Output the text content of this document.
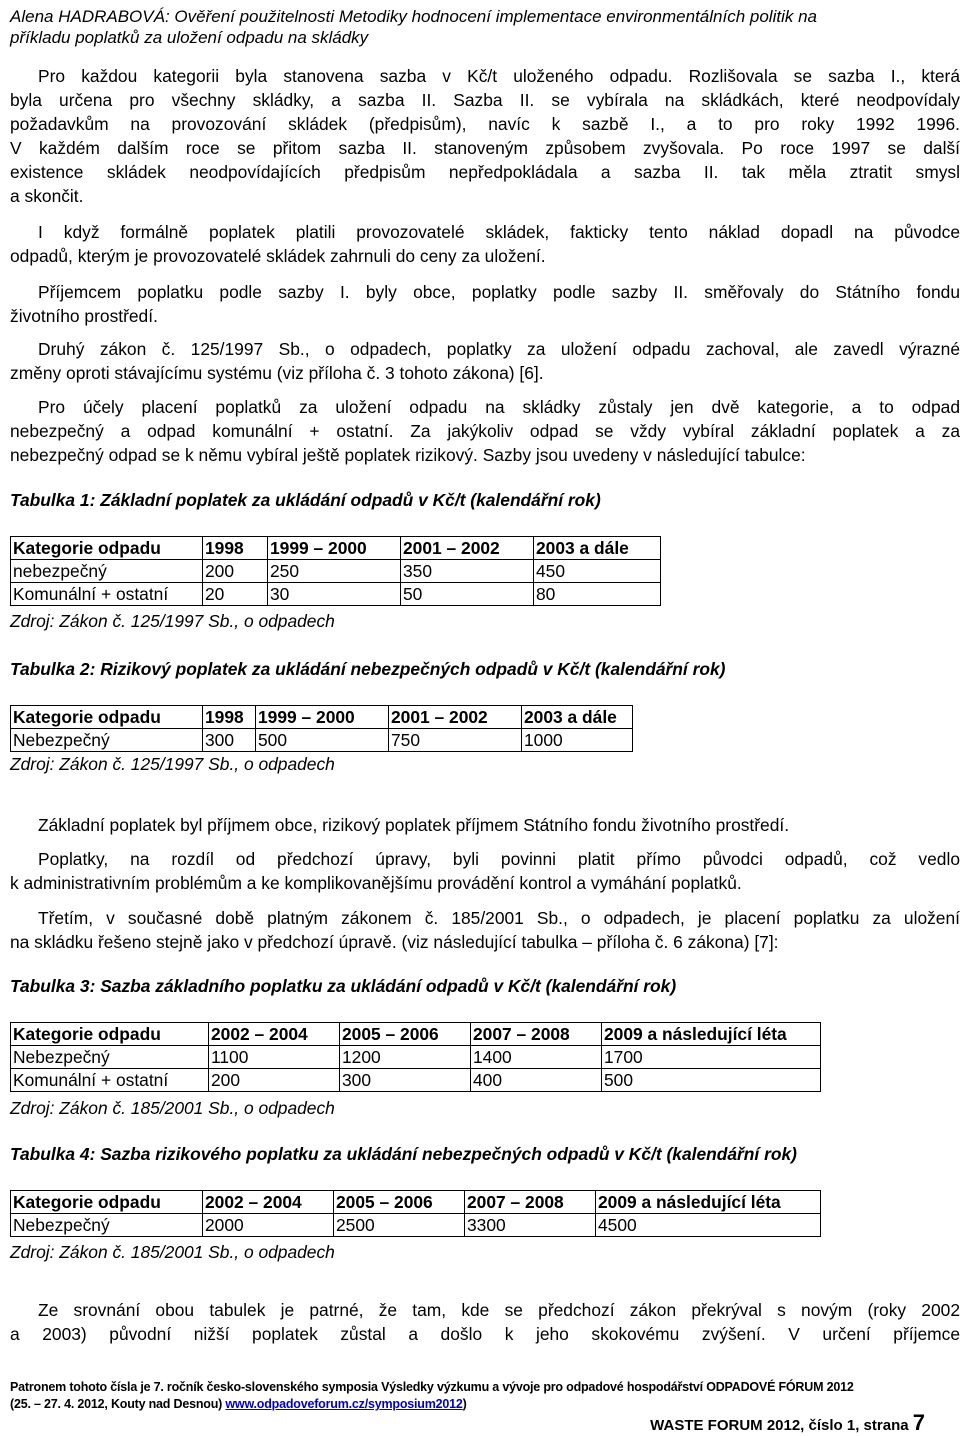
Alena HADRABOVÁ: Ověření použitelnosti Metodiky hodnocení implementace environmentálních politik na
příkladu poplatků za uložení odpadu na skládky
Pro každou kategorii byla stanovena sazba v Kč/t uloženého odpadu. Rozlišovala se sazba I., která
byla určena pro všechny skládky, a sazba II. Sazba II. se vybírala na skládkách, které neodpovídaly
požadavkům na provozování skládek (předpisům), navíc k sazbě I., a to pro roky 1992 1996.
V každém dalším roce se přitom sazba II. stanoveným způsobem zvyšovala. Po roce 1997 se další
existence skládek neodpovídajících předpisům nepředpokládala a sazba II. tak měla ztratit smysl
a skončit.
I když formálně poplatek platili provozovatelé skládek, fakticky tento náklad dopadl na původce
odpadů, kterým je provozovatelé skládek zahrnuli do ceny za uložení.
Příjemcem poplatku podle sazby I. byly obce, poplatky podle sazby II. směřovaly do Státního fondu
životního prostředí.
Druhý zákon č. 125/1997 Sb., o odpadech, poplatky za uložení odpadu zachoval, ale zavedl výrazné
změny oproti stávajícímu systému (viz příloha č. 3 tohoto zákona) [6].
Pro účely placení poplatků za uložení odpadu na skládky zůstaly jen dvě kategorie, a to odpad
nebezpečný a odpad komunální + ostatní. Za jakýkoliv odpad se vždy vybíral základní poplatek a za
nebezpečný odpad se k němu vybíral ještě poplatek rizikový. Sazby jsou uvedeny v následující tabulce:
Tabulka 1: Základní poplatek za ukládání odpadů v Kč/t (kalendářní rok)
Kategorie odpadu	1998	1999 – 2000	2001 – 2002	2003 a dále
nebezpečný	200	250	350	450
Komunální + ostatní	20	30	50	80
Zdroj: Zákon č. 125/1997 Sb., o odpadech
Tabulka 2: Rizikový poplatek za ukládání nebezpečných odpadů v Kč/t (kalendářní rok)
Kategorie odpadu	1998	1999 – 2000	2001 – 2002	2003 a dále
Nebezpečný	300	500	750	1000
Zdroj: Zákon č. 125/1997 Sb., o odpadech
Základní poplatek byl příjmem obce, rizikový poplatek příjmem Státního fondu životního prostředí.
Poplatky, na rozdíl od předchozí úpravy, byli povinni platit přímo původci odpadů, což vedlo
k administrativním problémům a ke komplikovanějšímu provádění kontrol a vymáhání poplatků.
Třetím, v současné době platným zákonem č. 185/2001 Sb., o odpadech, je placení poplatku za uložení
na skládku řešeno stejně jako v předchozí úpravě. (viz následující tabulka – příloha č. 6 zákona) [7]:
Tabulka 3: Sazba základního poplatku za ukládání odpadů v Kč/t (kalendářní rok)
Kategorie odpadu	2002 – 2004	2005 – 2006	2007 – 2008	2009 a následující léta
Nebezpečný	1100	1200	1400	1700
Komunální + ostatní	200	300	400	500
Zdroj: Zákon č. 185/2001 Sb., o odpadech
Tabulka 4: Sazba rizikového poplatku za ukládání nebezpečných odpadů v Kč/t (kalendářní rok)
Kategorie odpadu	2002 – 2004	2005 – 2006	2007 – 2008	2009 a následující léta
Nebezpečný	2000	2500	3300	4500
Zdroj: Zákon č. 185/2001 Sb., o odpadech
Ze srovnání obou tabulek je patrné, že tam, kde se předchozí zákon překrýval s novým (roky 2002
a 2003) původní nižší poplatek zůstal a došlo k jeho skokovému zvýšení. V určení příjemce
Patronem tohoto čísla je 7. ročník česko-slovenského symposia Výsledky výzkumu a vývoje pro odpadové hospodářství ODPADOVÉ FÓRUM 2012
(25. – 27. 4. 2012, Kouty nad Desnou) www.odpadoveforum.cz/symposium2012)
WASTE FORUM 2012, číslo 1, strana 7
